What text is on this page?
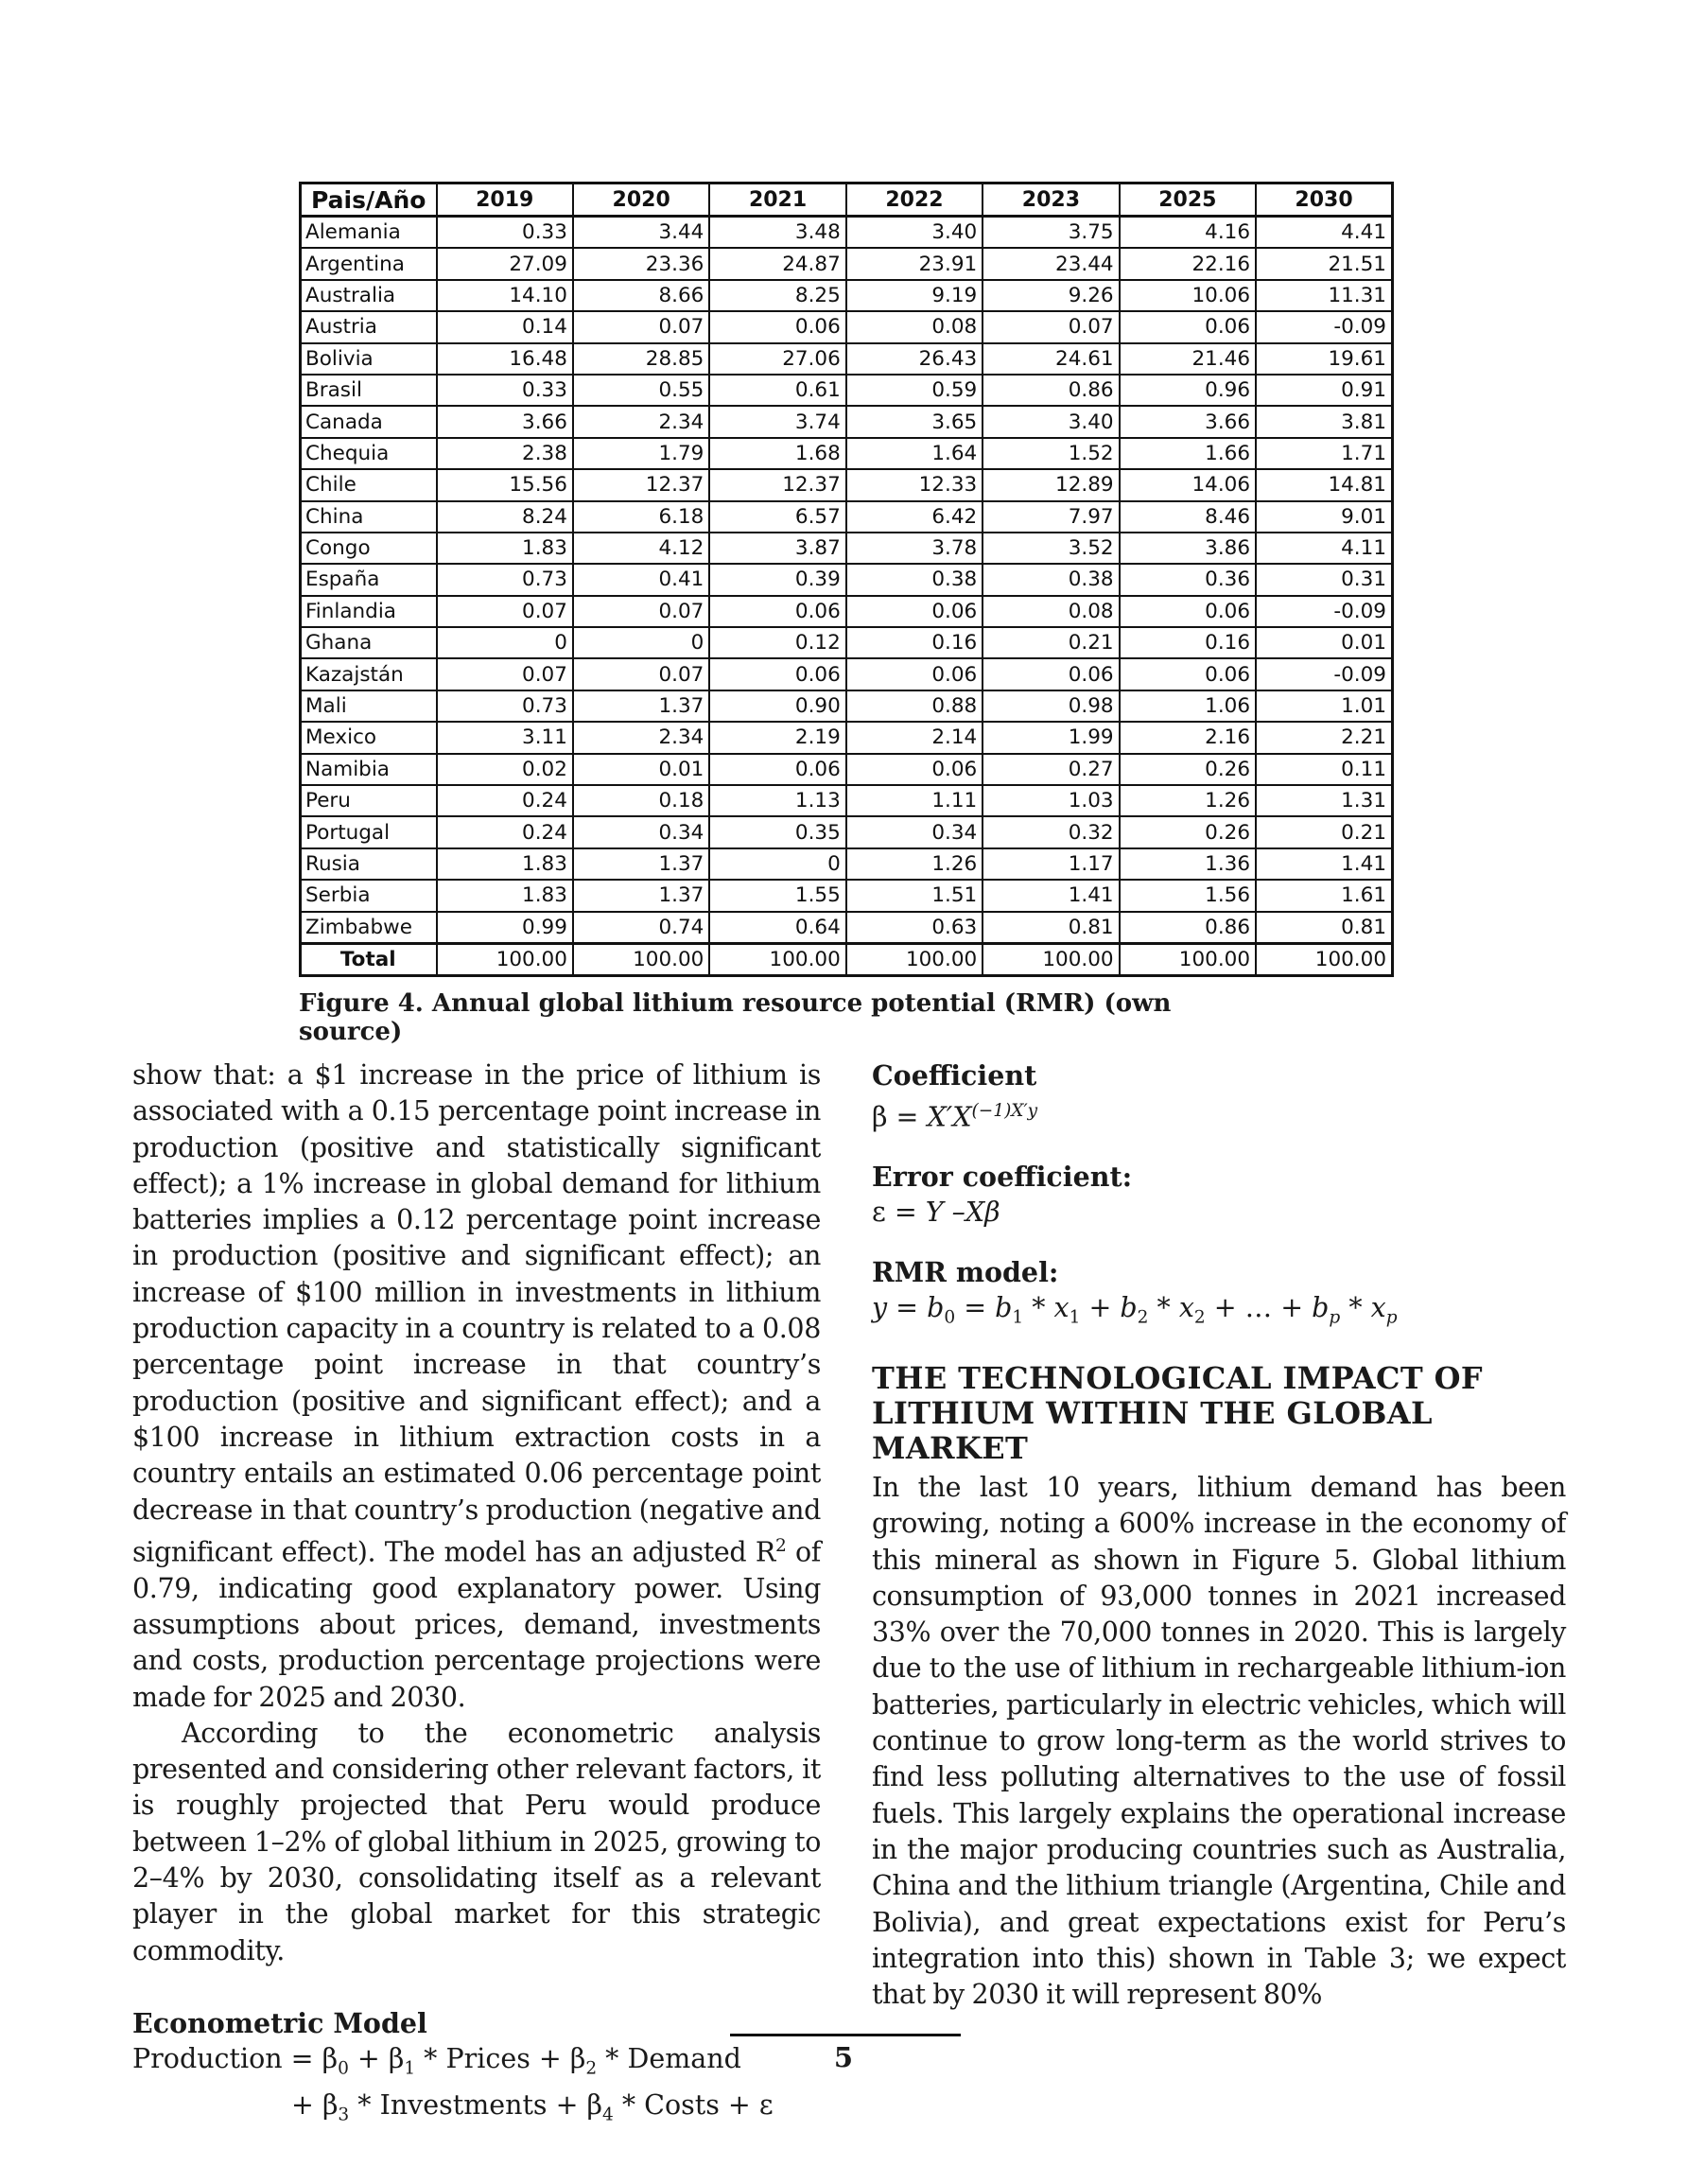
Pais/Año	2019	2020	2021	2022	2023	2025	2030
Alemania	0.33	3.44	3.48	3.40	3.75	4.16	4.41
Argentina	27.09	23.36	24.87	23.91	23.44	22.16	21.51
Australia	14.10	8.66	8.25	9.19	9.26	10.06	11.31
Austria	0.14	0.07	0.06	0.08	0.07	0.06	-0.09
Bolivia	16.48	28.85	27.06	26.43	24.61	21.46	19.61
Brasil	0.33	0.55	0.61	0.59	0.86	0.96	0.91
Canada	3.66	2.34	3.74	3.65	3.40	3.66	3.81
Chequia	2.38	1.79	1.68	1.64	1.52	1.66	1.71
Chile	15.56	12.37	12.37	12.33	12.89	14.06	14.81
China	8.24	6.18	6.57	6.42	7.97	8.46	9.01
Congo	1.83	4.12	3.87	3.78	3.52	3.86	4.11
España	0.73	0.41	0.39	0.38	0.38	0.36	0.31
Finlandia	0.07	0.07	0.06	0.06	0.08	0.06	-0.09
Ghana	0	0	0.12	0.16	0.21	0.16	0.01
Kazajstán	0.07	0.07	0.06	0.06	0.06	0.06	-0.09
Mali	0.73	1.37	0.90	0.88	0.98	1.06	1.01
Mexico	3.11	2.34	2.19	2.14	1.99	2.16	2.21
Namibia	0.02	0.01	0.06	0.06	0.27	0.26	0.11
Peru	0.24	0.18	1.13	1.11	1.03	1.26	1.31
Portugal	0.24	0.34	0.35	0.34	0.32	0.26	0.21
Rusia	1.83	1.37	0	1.26	1.17	1.36	1.41
Serbia	1.83	1.37	1.55	1.51	1.41	1.56	1.61
Zimbabwe	0.99	0.74	0.64	0.63	0.81	0.86	0.81
Total	100.00	100.00	100.00	100.00	100.00	100.00	100.00
Figure 4. Annual global lithium resource potential (RMR) (own source)

show that: a $1 increase in the price of lithium is associated with a 0.15 percentage point increase in production (positive and statistically significant effect); a 1% increase in global demand for lithium batteries implies a 0.12 percentage point increase in production (positive and significant effect); an increase of $100 million in investments in lithium production capacity in a country is related to a 0.08 percentage point increase in that country’s production (positive and significant effect); and a $100 increase in lithium extraction costs in a country entails an estimated 0.06 percentage point decrease in that country’s production (negative and significant effect). The model has an adjusted $R^2$ of 0.79, indicating good explanatory power. Using assumptions about prices, demand, investments and costs, production percentage projections were made for 2025 and 2030.

According to the econometric analysis presented and considering other relevant factors, it is roughly projected that Peru would produce between 1–2% of global lithium in 2025, growing to 2–4% by 2030, consolidating itself as a relevant player in the global market for this strategic commodity.

Econometric Model

Production = $\beta_0 + \beta_1$ * Prices + $\beta_2$ * Demand

+ $\beta_3$ * Investments + $\beta_4$ * Costs + ε

Coefficient

$\beta = X'X^{(-1)X'y}$

Error coefficient:

ε = Y –Xβ

RMR model:

$y = b_0 = b_1 * x_1 + b_2 * x_2$ + … + $b_p * x_p$

THE TECHNOLOGICAL IMPACT OF LITHIUM WITHIN THE GLOBAL MARKET

In the last 10 years, lithium demand has been growing, noting a 600% increase in the economy of this mineral as shown in Figure 5. Global lithium consumption of 93,000 tonnes in 2021 increased 33% over the 70,000 tonnes in 2020. This is largely due to the use of lithium in rechargeable lithium-ion batteries, particularly in electric vehicles, which will continue to grow long-term as the world strives to find less polluting alternatives to the use of fossil fuels. This largely explains the operational increase in the major producing countries such as Australia, China and the lithium triangle (Argentina, Chile and Bolivia), and great expectations exist for Peru’s integration into this) shown in Table 3; we expect that by 2030 it will represent 80%

5
